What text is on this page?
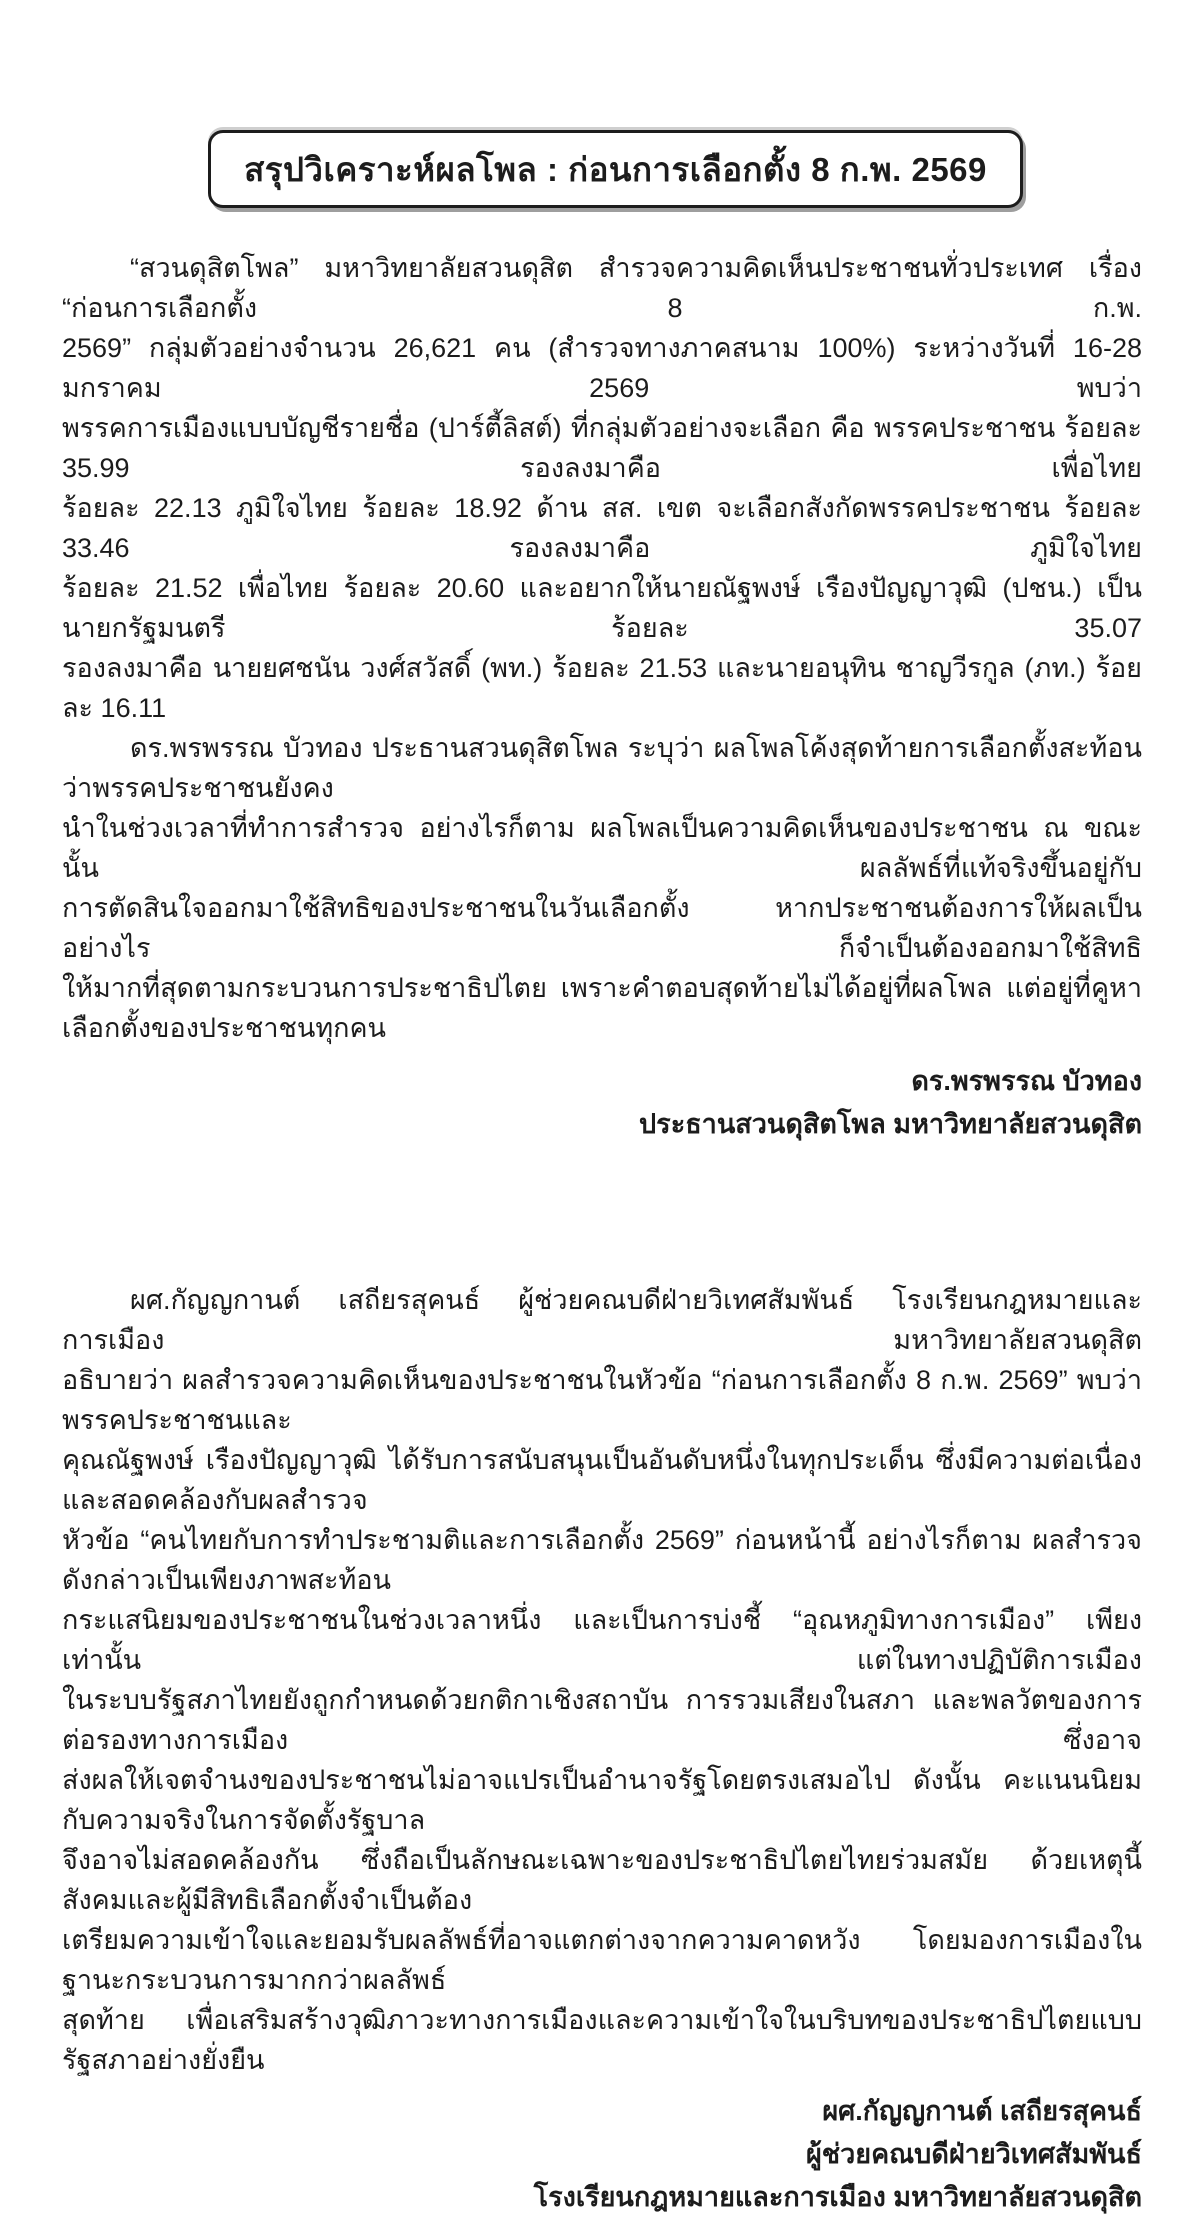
สรุปวิเคราะห์ผลโพล : ก่อนการเลือกตั้ง 8 ก.พ. 2569
“สวนดุสิตโพล” มหาวิทยาลัยสวนดุสิต สำรวจความคิดเห็นประชาชนทั่วประเทศ เรื่อง “ก่อนการเลือกตั้ง 8 ก.พ.
2569” กลุ่มตัวอย่างจำนวน 26,621 คน (สำรวจทางภาคสนาม 100%) ระหว่างวันที่ 16-28 มกราคม 2569 พบว่า
พรรคการเมืองแบบบัญชีรายชื่อ (ปาร์ตี้ลิสต์) ที่กลุ่มตัวอย่างจะเลือก คือ พรรคประชาชน ร้อยละ 35.99 รองลงมาคือ เพื่อไทย
ร้อยละ 22.13 ภูมิใจไทย ร้อยละ 18.92 ด้าน สส. เขต จะเลือกสังกัดพรรคประชาชน ร้อยละ 33.46 รองลงมาคือ ภูมิใจไทย
ร้อยละ 21.52 เพื่อไทย ร้อยละ 20.60 และอยากให้นายณัฐพงษ์ เรืองปัญญาวุฒิ (ปชน.) เป็นนายกรัฐมนตรี ร้อยละ 35.07
รองลงมาคือ นายยศชนัน วงศ์สวัสดิ์ (พท.) ร้อยละ 21.53 และนายอนุทิน ชาญวีรกูล (ภท.) ร้อยละ 16.11
ดร.พรพรรณ บัวทอง ประธานสวนดุสิตโพล ระบุว่า ผลโพลโค้งสุดท้ายการเลือกตั้งสะท้อนว่าพรรคประชาชนยังคง
นำในช่วงเวลาที่ทำการสำรวจ อย่างไรก็ตาม ผลโพลเป็นความคิดเห็นของประชาชน ณ ขณะนั้น ผลลัพธ์ที่แท้จริงขึ้นอยู่กับ
การตัดสินใจออกมาใช้สิทธิของประชาชนในวันเลือกตั้ง หากประชาชนต้องการให้ผลเป็นอย่างไร ก็จำเป็นต้องออกมาใช้สิทธิ
ให้มากที่สุดตามกระบวนการประชาธิปไตย เพราะคำตอบสุดท้ายไม่ได้อยู่ที่ผลโพล แต่อยู่ที่คูหาเลือกตั้งของประชาชนทุกคน
ดร.พรพรรณ บัวทอง
ประธานสวนดุสิตโพล มหาวิทยาลัยสวนดุสิต
ผศ.กัญญกานต์ เสถียรสุคนธ์ ผู้ช่วยคณบดีฝ่ายวิเทศสัมพันธ์ โรงเรียนกฎหมายและการเมือง มหาวิทยาลัยสวนดุสิต
อธิบายว่า ผลสำรวจความคิดเห็นของประชาชนในหัวข้อ “ก่อนการเลือกตั้ง 8 ก.พ. 2569” พบว่า พรรคประชาชนและ
คุณณัฐพงษ์ เรืองปัญญาวุฒิ ได้รับการสนับสนุนเป็นอันดับหนึ่งในทุกประเด็น ซึ่งมีความต่อเนื่องและสอดคล้องกับผลสำรวจ
หัวข้อ “คนไทยกับการทำประชามติและการเลือกตั้ง 2569” ก่อนหน้านี้ อย่างไรก็ตาม ผลสำรวจดังกล่าวเป็นเพียงภาพสะท้อน
กระแสนิยมของประชาชนในช่วงเวลาหนึ่ง และเป็นการบ่งชี้ “อุณหภูมิทางการเมือง” เพียงเท่านั้น แต่ในทางปฏิบัติการเมือง
ในระบบรัฐสภาไทยยังถูกกำหนดด้วยกติกาเชิงสถาบัน การรวมเสียงในสภา และพลวัตของการต่อรองทางการเมือง ซึ่งอาจ
ส่งผลให้เจตจำนงของประชาชนไม่อาจแปรเป็นอำนาจรัฐโดยตรงเสมอไป ดังนั้น คะแนนนิยมกับความจริงในการจัดตั้งรัฐบาล
จึงอาจไม่สอดคล้องกัน ซึ่งถือเป็นลักษณะเฉพาะของประชาธิปไตยไทยร่วมสมัย ด้วยเหตุนี้ สังคมและผู้มีสิทธิเลือกตั้งจำเป็นต้อง
เตรียมความเข้าใจและยอมรับผลลัพธ์ที่อาจแตกต่างจากความคาดหวัง โดยมองการเมืองในฐานะกระบวนการมากกว่าผลลัพธ์
สุดท้าย เพื่อเสริมสร้างวุฒิภาวะทางการเมืองและความเข้าใจในบริบทของประชาธิปไตยแบบรัฐสภาอย่างยั่งยืน
ผศ.กัญญกานต์ เสถียรสุคนธ์
ผู้ช่วยคณบดีฝ่ายวิเทศสัมพันธ์
โรงเรียนกฎหมายและการเมือง มหาวิทยาลัยสวนดุสิต
